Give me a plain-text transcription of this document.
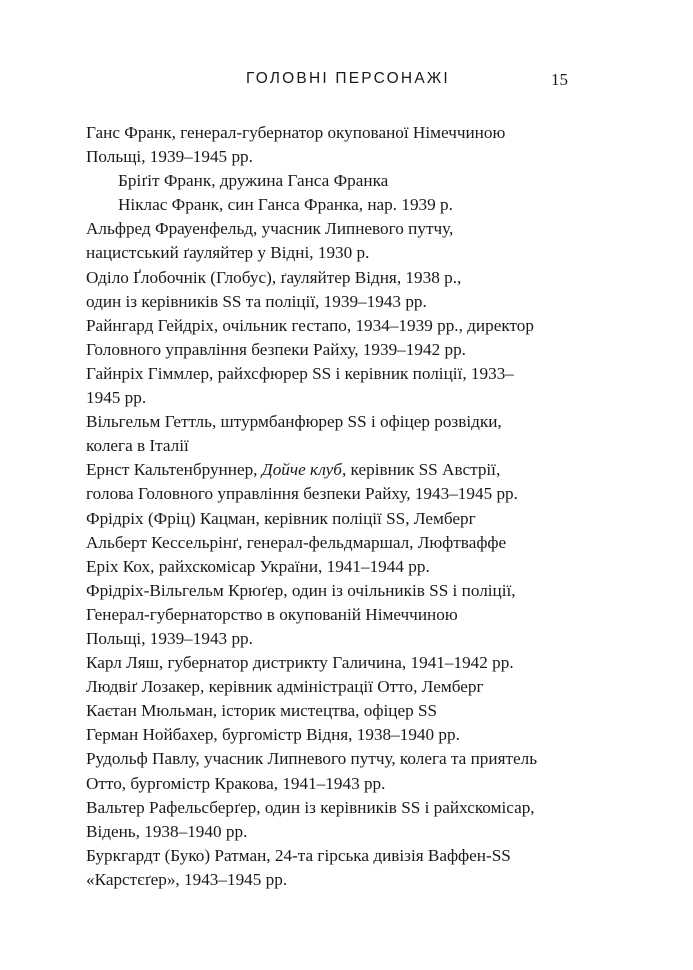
ГОЛОВНІ ПЕРСОНАЖІ	15
Ганс Франк, генерал-губернатор окупованої Німеччиною
Польщі, 1939–1945 рр.
Бріґіт Франк, дружина Ганса Франка
Ніклас Франк, син Ганса Франка, нар. 1939 р.
Альфред Фрауенфельд, учасник Липневого путчу,
нацистський ґауляйтер у Відні, 1930 р.
Оділо Ґлобочнік (Глобус), ґауляйтер Відня, 1938 р.,
один із керівників SS та поліції, 1939–1943 рр.
Райнгард Гейдріх, очільник гестапо, 1934–1939 рр., директор
Головного управління безпеки Райху, 1939–1942 рр.
Гайнріх Гіммлер, райхсфюрер SS і керівник поліції, 1933–
1945 рр.
Вільгельм Геттль, штурмбанфюрер SS і офіцер розвідки,
колега в Італії
Ернст Кальтенбруннер, Дойче клуб, керівник SS Австрії,
голова Головного управління безпеки Райху, 1943–1945 рр.
Фрідріх (Фріц) Кацман, керівник поліції SS, Лемберг
Альберт Кессельрінґ, генерал-фельдмаршал, Люфтваффе
Еріх Кох, райхскомісар України, 1941–1944 рр.
Фрідріх-Вільгельм Крюґер, один із очільників SS і поліції,
Генерал-губернаторство в окупованій Німеччиною
Польщі, 1939–1943 рр.
Карл Ляш, губернатор дистрикту Галичина, 1941–1942 рр.
Людвіґ Лозакер, керівник адміністрації Отто, Лемберг
Каєтан Мюльман, історик мистецтва, офіцер SS
Герман Нойбахер, бургомістр Відня, 1938–1940 рр.
Рудольф Павлу, учасник Липневого путчу, колега та приятель
Отто, бургомістр Кракова, 1941–1943 рр.
Вальтер Рафельсберґер, один із керівників SS і райхскомісар,
Відень, 1938–1940 рр.
Буркгардт (Буко) Ратман, 24-та гірська дивізія Ваффен-SS
«Карстєґер», 1943–1945 рр.
